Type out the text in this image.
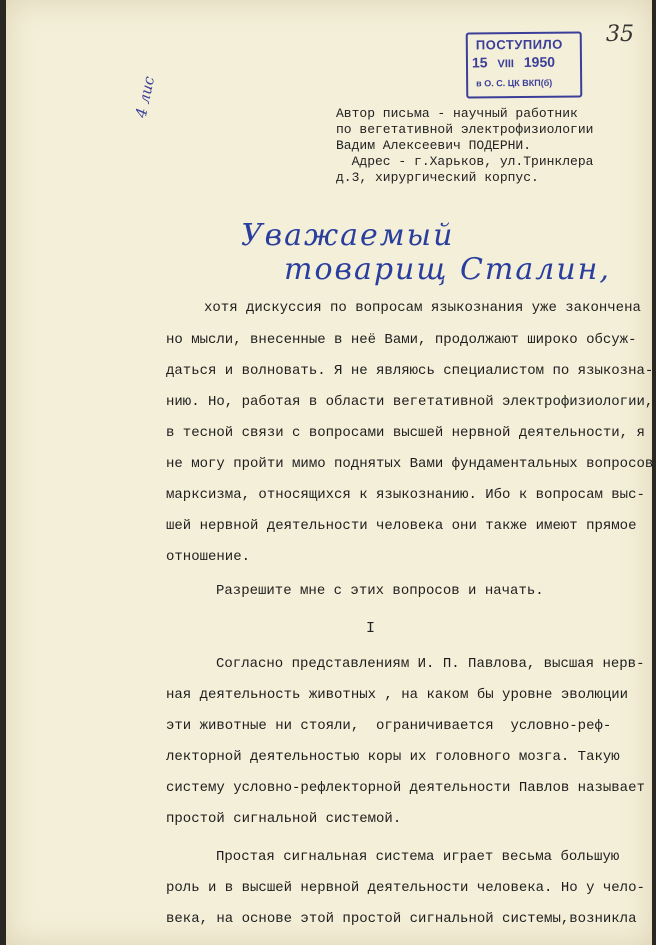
ПОСТУПИЛО
15 VIII 1950
в О. С. ЦК ВКП(б)
35
4 лис	Автор письма - научный работник
по вегетативной электрофизиологии
Вадим Алексеевич ПОДЕРНИ.
Адрес - г.Харьков, ул.Тринклера
д.3, хирургический корпус.
Уважаемый
товарищ Сталин,
хотя дискуссия по вопросам языкознания уже закончена
но мысли, внесенные в неё Вами, продолжают широко обсуж-
даться и волновать. Я не являюсь специалистом по языкозна-
нию. Но, работая в области вегетативной электрофизиологии,
в тесной связи с вопросами высшей нервной деятельности, я
не могу пройти мимо поднятых Вами фундаментальных вопросов
марксизма, относящихся к языкознанию. Ибо к вопросам выс-
шей нервной деятельности человека они также имеют прямое
отношение.
Разрешите мне с этих вопросов и начать.
I
Согласно представлениям И. П. Павлова, высшая нерв-
ная деятельность животных , на каком бы уровне эволюции
эти животные ни стояли,  ограничивается  условно-реф-
лекторной деятельностью коры их головного мозга. Такую
систему условно-рефлекторной деятельности Павлов называет
простой сигнальной системой.
Простая сигнальная система играет весьма большую
роль и в высшей нервной деятельности человека. Но у чело-
века, на основе этой простой сигнальной системы,возникла
